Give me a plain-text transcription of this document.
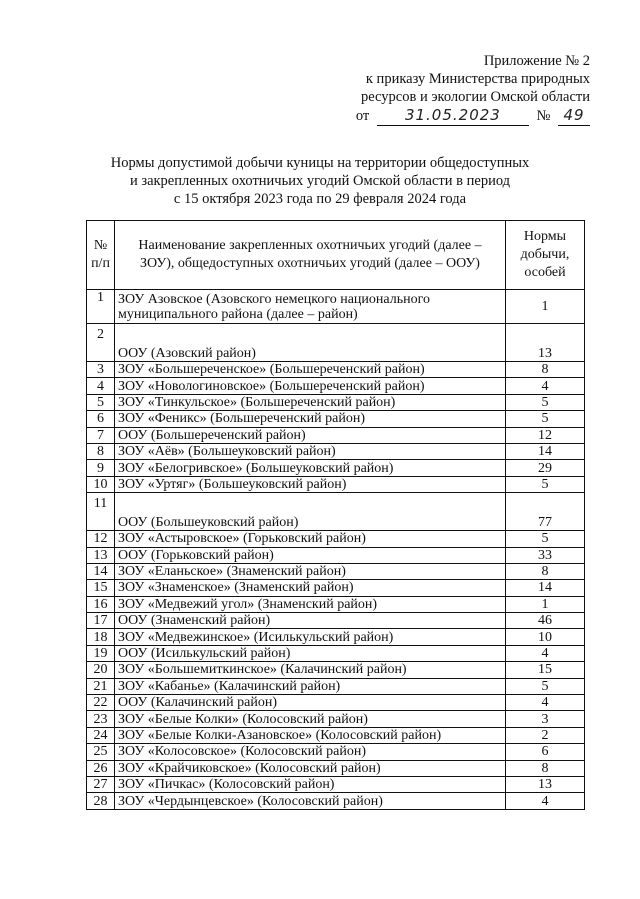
Приложение № 2
к приказу Министерства природных
ресурсов и экологии Омской области
от 31.05.2023 № 49
Нормы допустимой добычи куницы на территории общедоступных
и закрепленных охотничьих угодий Омской области в период
с 15 октября 2023 года по 29 февраля 2024 года
№ п/п	Наименование закрепленных охотничьих угодий (далее – ЗОУ), общедоступных охотничьих угодий (далее – ООУ)	Нормы добычи, особей
1	ЗОУ Азовское (Азовского немецкого национального муниципального района (далее – район)	1
2	ООУ (Азовский район)	13
3	ЗОУ «Большереченское» (Большереченский район)	8
4	ЗОУ «Новологиновское» (Большереченский район)	4
5	ЗОУ «Тинкульское» (Большереченский район)	5
6	ЗОУ «Феникс» (Большереченский район)	5
7	ООУ (Большереченский район)	12
8	ЗОУ «Аёв» (Большеуковский район)	14
9	ЗОУ «Белогривское» (Большеуковский район)	29
10	ЗОУ «Уртяг» (Большеуковский район)	5
11	ООУ (Большеуковский район)	77
12	ЗОУ «Астыровское» (Горьковский район)	5
13	ООУ (Горьковский район)	33
14	ЗОУ «Еланьское» (Знаменский район)	8
15	ЗОУ «Знаменское» (Знаменский район)	14
16	ЗОУ «Медвежий угол» (Знаменский район)	1
17	ООУ (Знаменский район)	46
18	ЗОУ «Медвежинское» (Исилькульский район)	10
19	ООУ (Исилькульский район)	4
20	ЗОУ «Большемиткинское» (Калачинский район)	15
21	ЗОУ «Кабанье» (Калачинский район)	5
22	ООУ (Калачинский район)	4
23	ЗОУ «Белые Колки» (Колосовский район)	3
24	ЗОУ «Белые Колки-Азановское» (Колосовский район)	2
25	ЗОУ «Колосовское» (Колосовский район)	6
26	ЗОУ «Крайчиковское» (Колосовский район)	8
27	ЗОУ «Пичкас» (Колосовский район)	13
28	ЗОУ «Чердынцевское» (Колосовский район)	4
